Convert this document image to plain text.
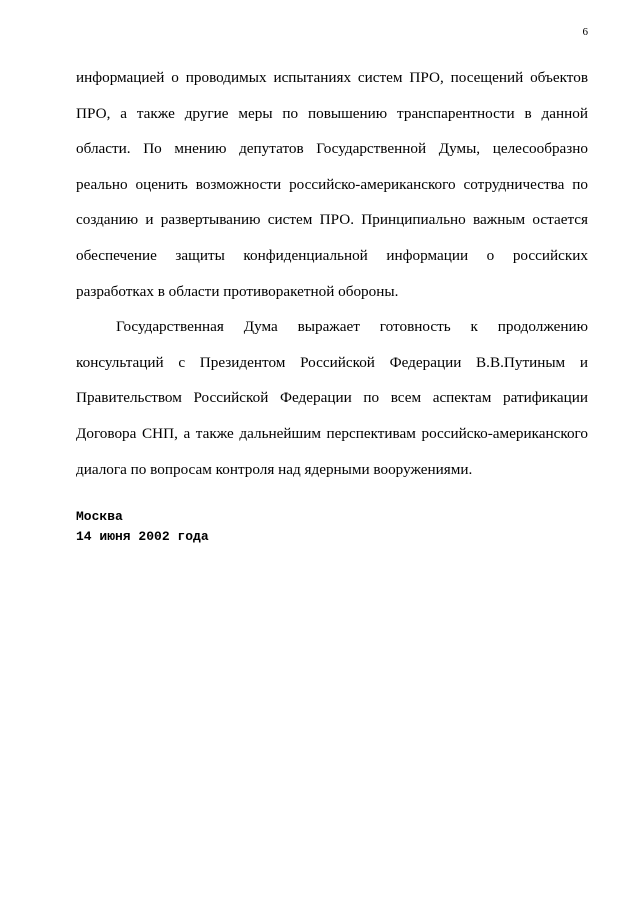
6

информацией о проводимых испытаниях систем ПРО, посещений объектов
ПРО, а также другие меры по повышению транспарентности в данной
области. По мнению депутатов Государственной Думы, целесообразно
реально оценить возможности российско-американского сотрудничества по
созданию и развертыванию систем ПРО. Принципиально важным остается
обеспечение защиты конфиденциальной информации о российских
разработках в области противоракетной обороны.

Государственная Дума выражает готовность к продолжению
консультаций с Президентом Российской Федерации В.В.Путиным и
Правительством Российской Федерации по всем аспектам ратификации
Договора СНП, а также дальнейшим перспективам российско-американского
диалога по вопросам контроля над ядерными вооружениями.

Москва
14 июня 2002 года
